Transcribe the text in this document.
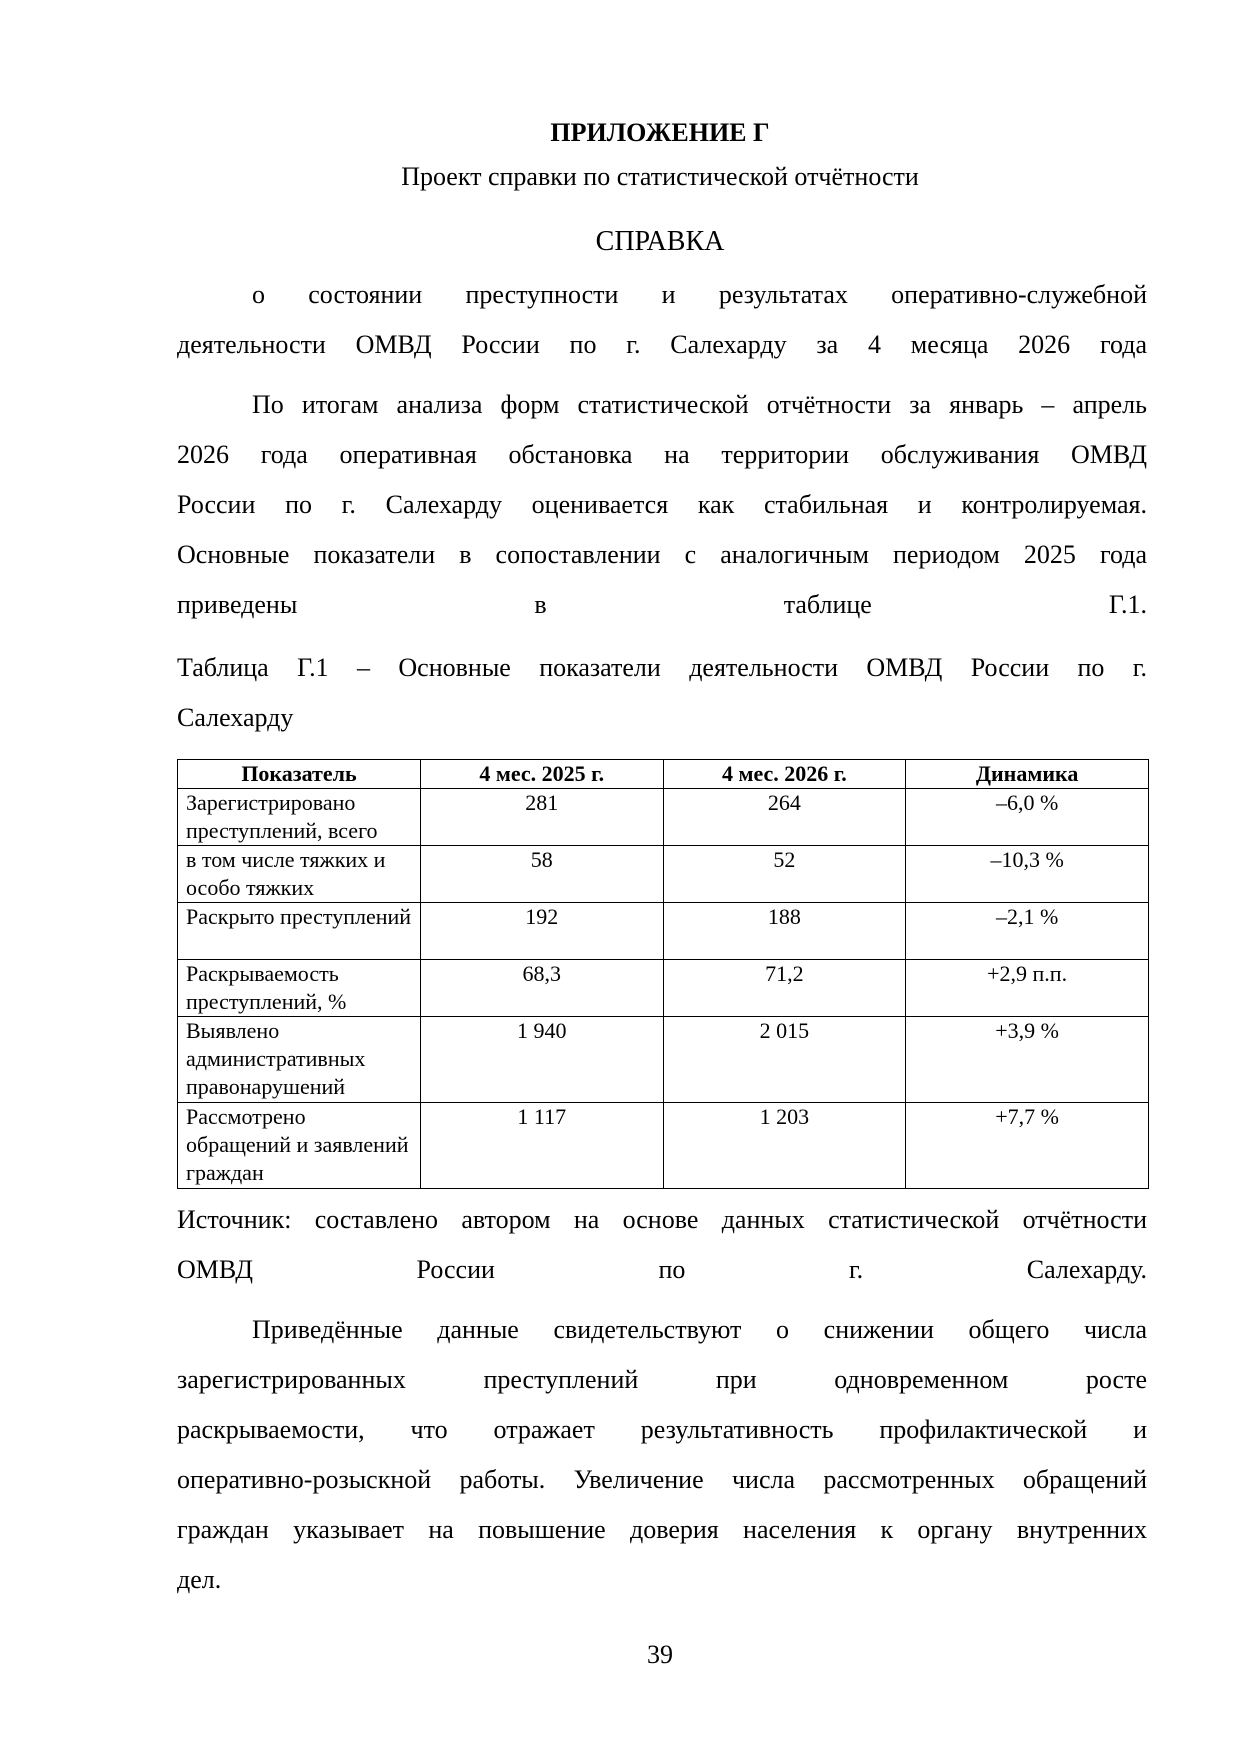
ПРИЛОЖЕНИЕ Г
Проект справки по статистической отчётности
СПРАВКА
о состоянии преступности и результатах оперативно-служебной
деятельности ОМВД России по г. Салехарду за 4 месяца 2026 года
По итогам анализа форм статистической отчётности за январь – апрель
2026 года оперативная обстановка на территории обслуживания ОМВД
России по г. Салехарду оценивается как стабильная и контролируемая.
Основные показатели в сопоставлении с аналогичным периодом 2025 года
приведены в таблице Г.1.
Таблица Г.1 – Основные показатели деятельности ОМВД России по г.
Салехарду
Показатель	4 мес. 2025 г.	4 мес. 2026 г.	Динамика
Зарегистрировано преступлений, всего	281	264	–6,0 %
в том числе тяжких и особо тяжких	58	52	–10,3 %
Раскрыто преступлений	192	188	–2,1 %
Раскрываемость преступлений, %	68,3	71,2	+2,9 п.п.
Выявлено административных правонарушений	1 940	2 015	+3,9 %
Рассмотрено обращений и заявлений граждан	1 117	1 203	+7,7 %
Источник: составлено автором на основе данных статистической отчётности
ОМВД России по г. Салехарду.
Приведённые данные свидетельствуют о снижении общего числа
зарегистрированных преступлений при одновременном росте
раскрываемости, что отражает результативность профилактической и
оперативно-розыскной работы. Увеличение числа рассмотренных обращений
граждан указывает на повышение доверия населения к органу внутренних
дел.
39
